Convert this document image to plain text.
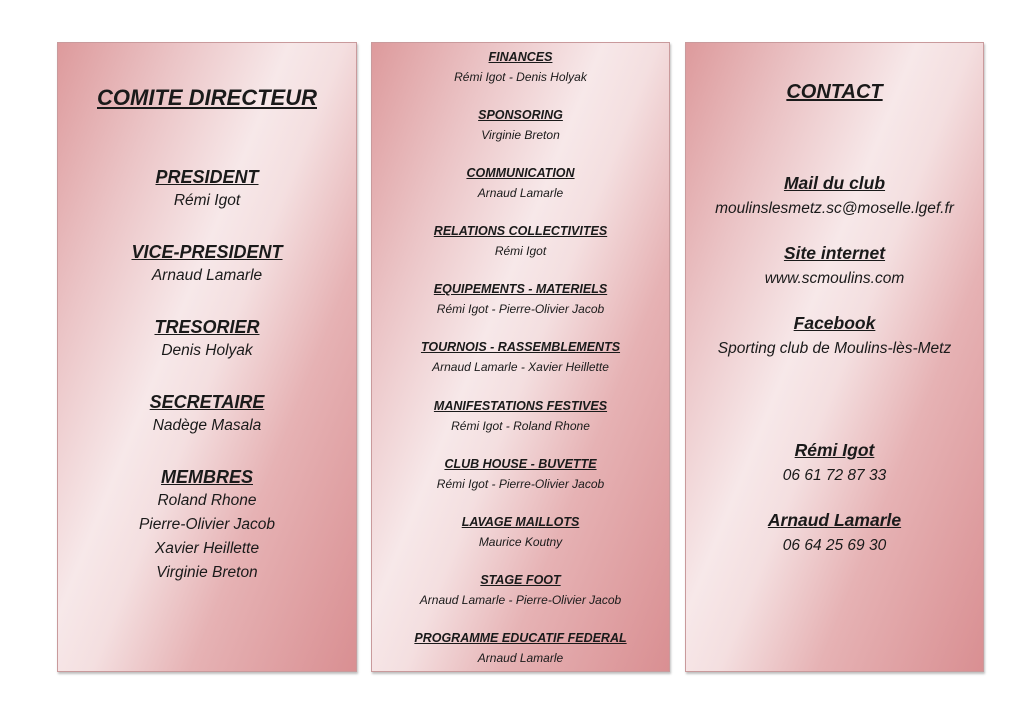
COMITE DIRECTEUR
PRESIDENT
Rémi Igot
VICE-PRESIDENT
Arnaud Lamarle
TRESORIER
Denis Holyak
SECRETAIRE
Nadège Masala
MEMBRES
Roland Rhone
Pierre-Olivier Jacob
Xavier Heillette
Virginie Breton
FINANCES
Rémi Igot - Denis Holyak
SPONSORING
Virginie Breton
COMMUNICATION
Arnaud Lamarle
RELATIONS COLLECTIVITES
Rémi Igot
EQUIPEMENTS - MATERIELS
Rémi Igot - Pierre-Olivier Jacob
TOURNOIS - RASSEMBLEMENTS
Arnaud Lamarle - Xavier Heillette
MANIFESTATIONS FESTIVES
Rémi Igot - Roland Rhone
CLUB HOUSE - BUVETTE
Rémi Igot - Pierre-Olivier Jacob
LAVAGE MAILLOTS
Maurice Koutny
STAGE FOOT
Arnaud Lamarle - Pierre-Olivier Jacob
PROGRAMME EDUCATIF FEDERAL
Arnaud Lamarle
CONTACT
Mail du club
moulinslesmetz.sc@moselle.lgef.fr
Site internet
www.scmoulins.com
Facebook
Sporting club de Moulins-lès-Metz
Rémi Igot
06 61 72 87 33
Arnaud Lamarle
06 64 25 69 30
